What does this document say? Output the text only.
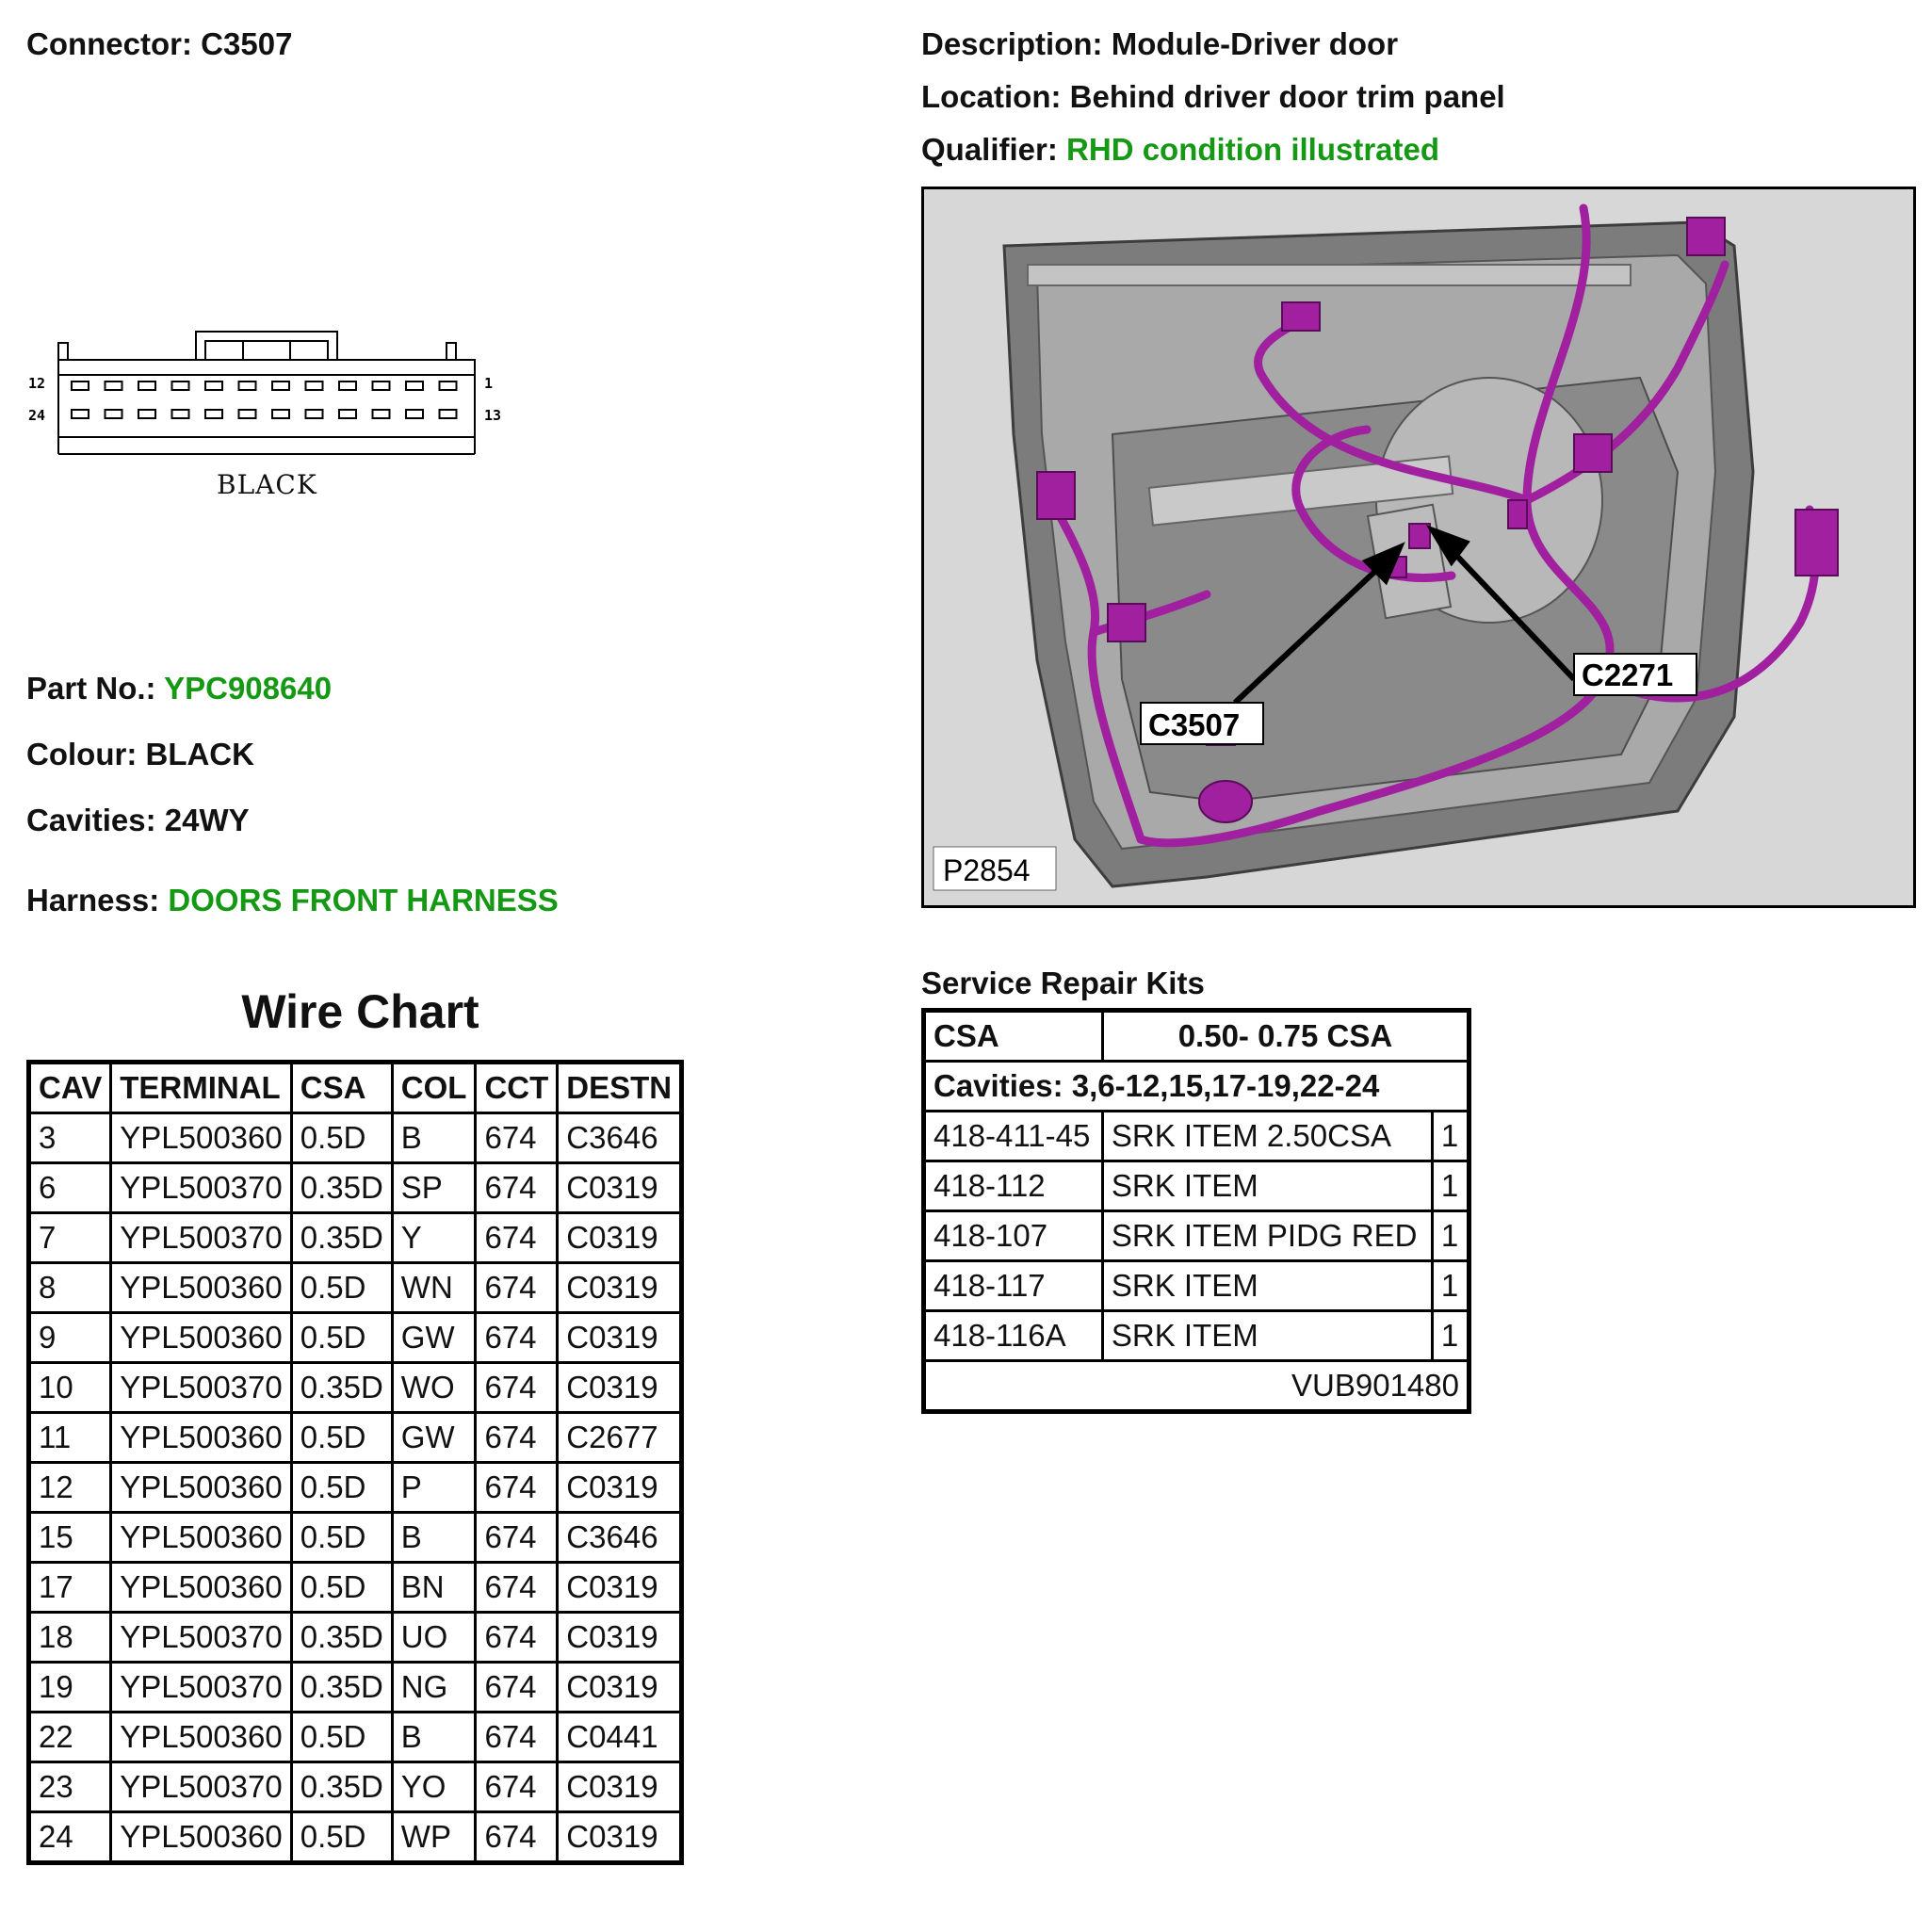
Connector: C3507	Description: Module-Driver door
Location: Behind driver door trim panel
Qualifier: RHD condition illustrated
12	1
24	13
BLACK
Part No.: YPC908640
Colour: BLACK
Cavities: 24WY
Harness: DOORS FRONT HARNESS
Wire Chart
CAV	TERMINAL	CSA	COL	CCT	DESTN
3	YPL500360	0.5D	B	674	C3646
6	YPL500370	0.35D	SP	674	C0319
7	YPL500370	0.35D	Y	674	C0319
8	YPL500360	0.5D	WN	674	C0319
9	YPL500360	0.5D	GW	674	C0319
10	YPL500370	0.35D	WO	674	C0319
11	YPL500360	0.5D	GW	674	C2677
12	YPL500360	0.5D	P	674	C0319
15	YPL500360	0.5D	B	674	C3646
17	YPL500360	0.5D	BN	674	C0319
18	YPL500370	0.35D	UO	674	C0319
19	YPL500370	0.35D	NG	674	C0319
22	YPL500360	0.5D	B	674	C0441
23	YPL500370	0.35D	YO	674	C0319
24	YPL500360	0.5D	WP	674	C0319
C3507
C2271
P2854
Service Repair Kits
CSA	0.50- 0.75 CSA	
Cavities: 3,6-12,15,17-19,22-24		
418-411-45	SRK ITEM 2.50CSA	1
418-112	SRK ITEM	1
418-107	SRK ITEM PIDG RED	1
418-117	SRK ITEM	1
418-116A	SRK ITEM	1
VUB901480		
